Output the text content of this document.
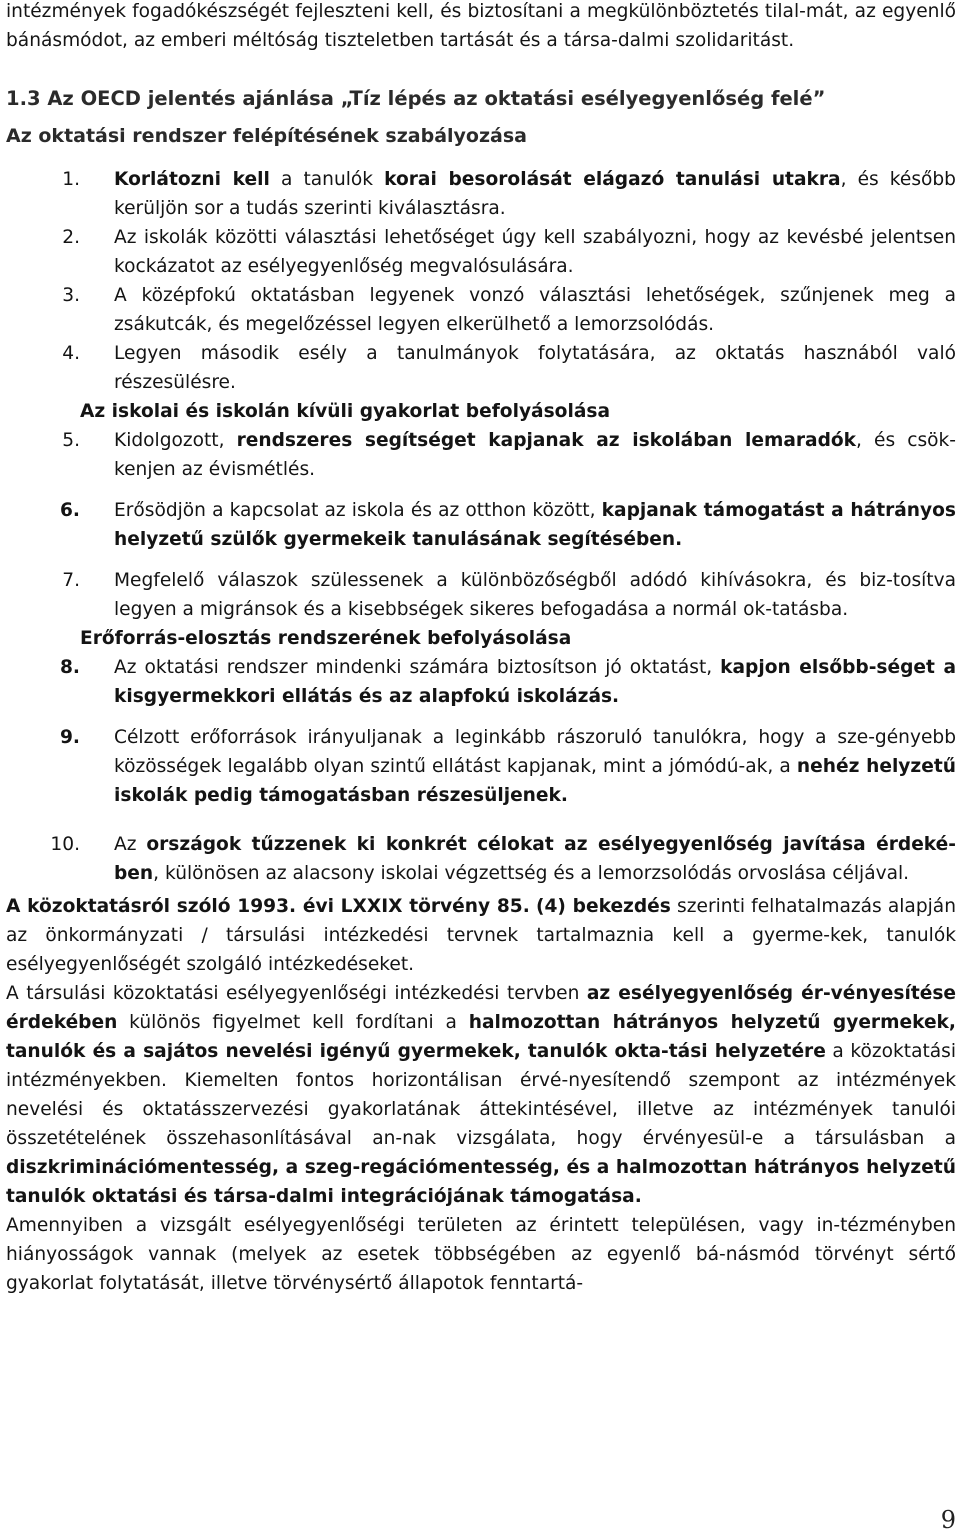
intézmények fogadókészségét fejleszteni kell, és biztosítani a megkülönböztetés tilal-mát, az egyenlő bánásmódot, az emberi méltóság tiszteletben tartását és a társa-dalmi szolidaritást.

1.3 Az OECD jelentés ajánlása „Tíz lépés az oktatási esélyegyenlőség felé”

Az oktatási rendszer felépítésének szabályozása

1.	Korlátozni kell a tanulók korai besorolását elágazó tanulási utakra, és később kerüljön sor a tudás szerinti kiválasztásra.

2.	Az iskolák közötti választási lehetőséget úgy kell szabályozni, hogy az kevésbé jelentsen kockázatot az esélyegyenlőség megvalósulására.

3.	A középfokú oktatásban legyenek vonzó választási lehetőségek, szűnjenek meg a zsákutcák, és megelőzéssel legyen elkerülhető a lemorzsolódás.

4.	Legyen második esély a tanulmányok folytatására, az oktatás hasznából való részesülésre.

Az iskolai és iskolán kívüli gyakorlat befolyásolása
5.	Kidolgozott, rendszeres segítséget kapjanak az iskolában lemaradók, és csök-kenjen az évismétlés.

6.	Erősödjön a kapcsolat az iskola és az otthon között, kapjanak támogatást a hátrányos helyzetű szülők gyermekeik tanulásának segítésében.

7.	Megfelelő válaszok szülessenek a különbözőségből adódó kihívásokra, és biz-tosítva legyen a migránsok és a kisebbségek sikeres befogadása a normál ok-tatásba.

Erőforrás-elosztás rendszerének befolyásolása
8.	Az oktatási rendszer mindenki számára biztosítson jó oktatást, kapjon elsőbb-séget a kisgyermekkori ellátás és az alapfokú iskolázás.

9.	Célzott erőforrások irányuljanak a leginkább rászoruló tanulókra, hogy a sze-gényebb közösségek legalább olyan szintű ellátást kapjanak, mint a jómódú-ak, a nehéz helyzetű iskolák pedig támogatásban részesüljenek.

10.	Az országok tűzzenek ki konkrét célokat az esélyegyenlőség javítása érdeké-ben, különösen az alacsony iskolai végzettség és a lemorzsolódás orvoslása céljával.

A közoktatásról szóló 1993. évi LXXIX törvény 85. (4) bekezdés szerinti felhatalmazás alapján az önkormányzati / társulási intézkedési tervnek tartalmaznia kell a gyerme-kek, tanulók esélyegyenlőségét szolgáló intézkedéseket.

A társulási közoktatási esélyegyenlőségi intézkedési tervben az esélyegyenlőség ér-vényesítése érdekében különös figyelmet kell fordítani a halmozottan hátrányos helyzetű gyermekek, tanulók és a sajátos nevelési igényű gyermekek, tanulók okta-tási helyzetére a közoktatási intézményekben. Kiemelten fontos horizontálisan érvé-nyesítendő szempont az intézmények nevelési és oktatásszervezési gyakorlatának áttekintésével, illetve az intézmények tanulói összetételének összehasonlításával an-nak vizsgálata, hogy érvényesül-e a társulásban a diszkriminációmentesség, a szeg-regációmentesség, és a halmozottan hátrányos helyzetű tanulók oktatási és társa-dalmi integrációjának támogatása.

Amennyiben a vizsgált esélyegyenlőségi területen az érintett településen, vagy in-tézményben hiányosságok vannak (melyek az esetek többségében az egyenlő bá-násmód törvényt sértő gyakorlat folytatását, illetve törvénysértő állapotok fenntartá-

9
